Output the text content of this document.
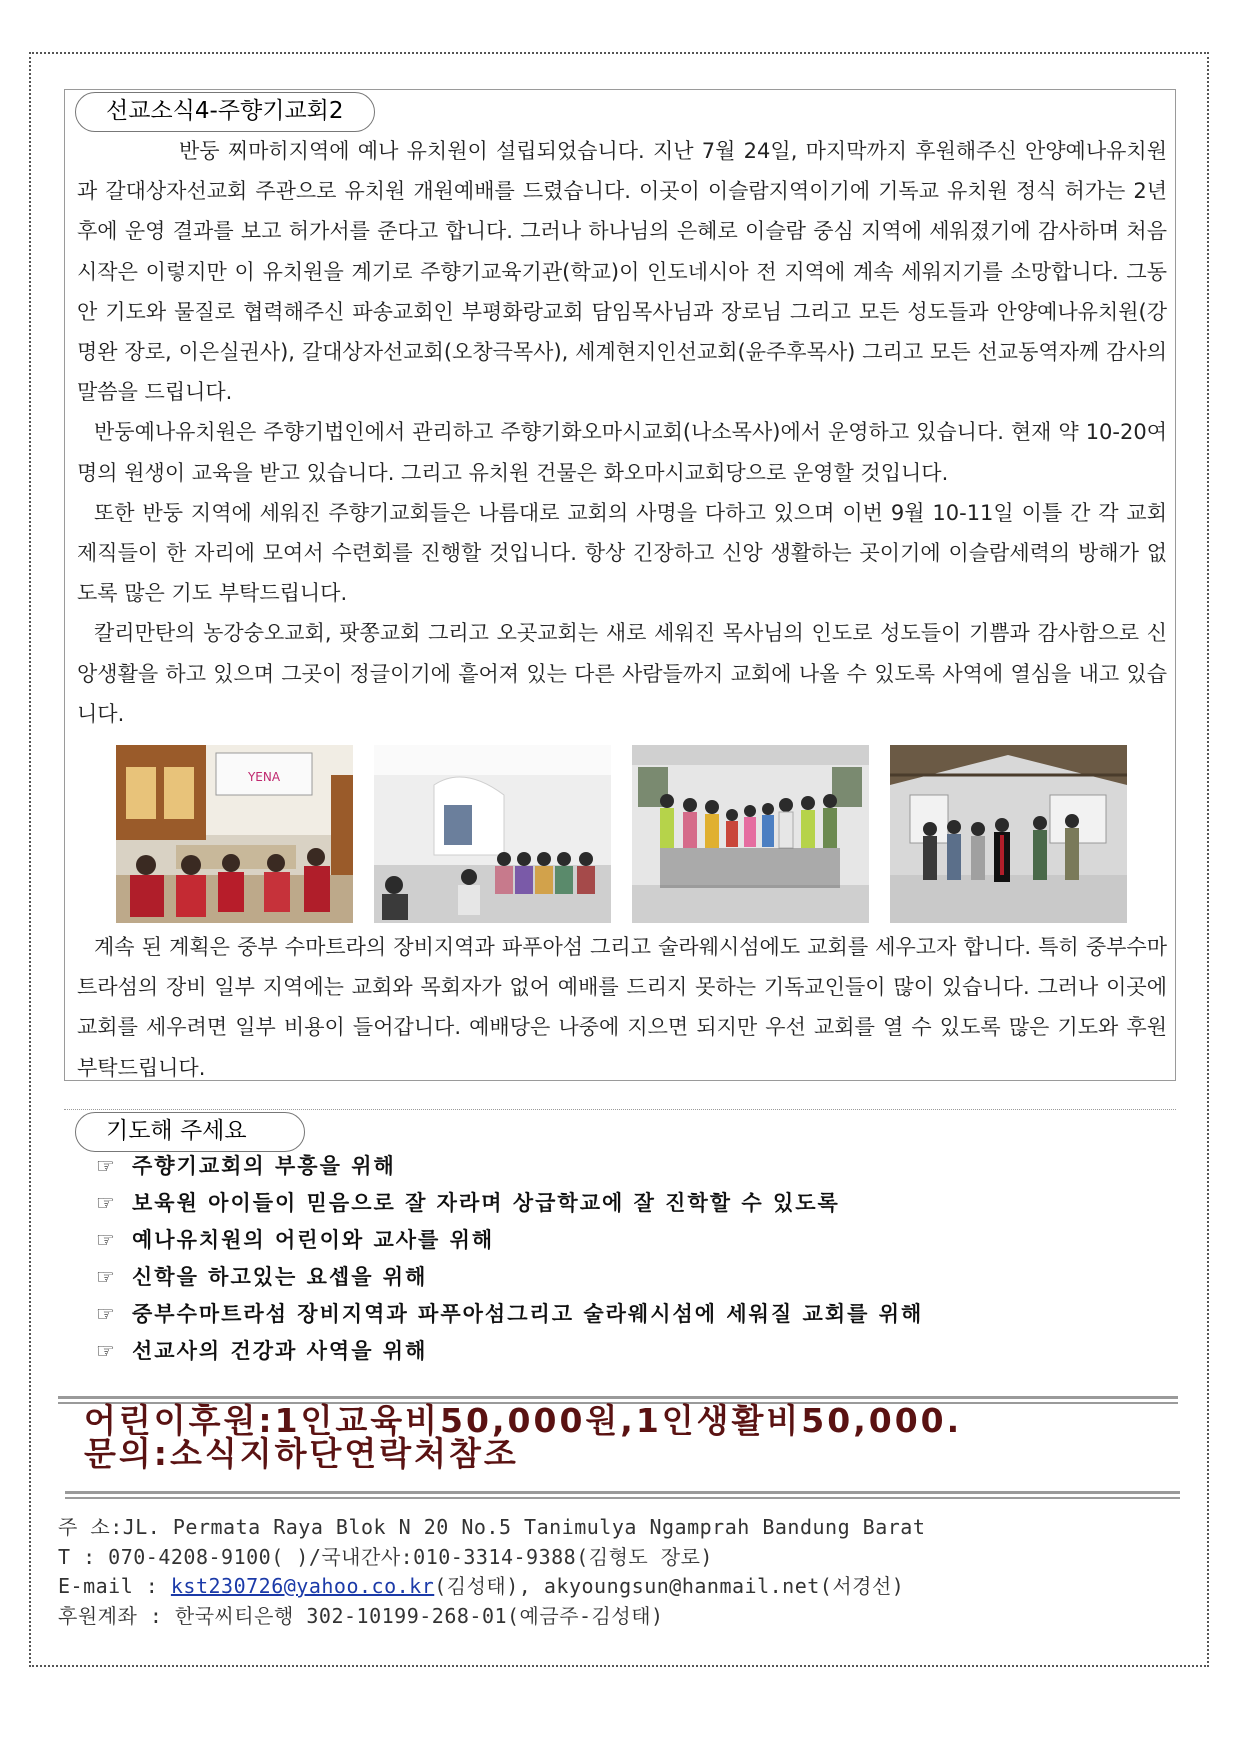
선교소식4-주향기교회2

반둥 찌마히지역에 예나 유치원이 설립되었습니다. 지난 7월 24일, 마지막까지 후원해주신 안양예나유치원과 갈대상자선교회 주관으로 유치원 개원예배를 드렸습니다. 이곳이 이슬람지역이기에 기독교 유치원 정식 허가는 2년 후에 운영 결과를 보고 허가서를 준다고 합니다. 그러나 하나님의 은혜로 이슬람 중심 지역에 세워졌기에 감사하며 처음 시작은 이렇지만 이 유치원을 계기로 주향기교육기관(학교)이 인도네시아 전 지역에 계속 세워지기를 소망합니다. 그동안 기도와 물질로 협력해주신 파송교회인 부평화랑교회 담임목사님과 장로님 그리고 모든 성도들과 안양예나유치원(강명완 장로, 이은실권사), 갈대상자선교회(오창극목사), 세계현지인선교회(윤주후목사) 그리고 모든 선교동역자께 감사의 말씀을 드립니다.

반둥예나유치원은 주향기법인에서 관리하고 주향기화오마시교회(나소목사)에서 운영하고 있습니다. 현재 약 10-20여 명의 원생이 교육을 받고 있습니다. 그리고 유치원 건물은 화오마시교회당으로 운영할 것입니다.

또한 반둥 지역에 세워진 주향기교회들은 나름대로 교회의 사명을 다하고 있으며 이번 9월 10-11일 이틀 간 각 교회 제직들이 한 자리에 모여서 수련회를 진행할 것입니다. 항상 긴장하고 신앙 생활하는 곳이기에 이슬람세력의 방해가 없도록 많은 기도 부탁드립니다.

칼리만탄의 농강숭오교회, 팟쫑교회 그리고 오곳교회는 새로 세워진 목사님의 인도로 성도들이 기쁨과 감사함으로 신앙생활을 하고 있으며 그곳이 정글이기에 흩어져 있는 다른 사람들까지 교회에 나올 수 있도록 사역에 열심을 내고 있습니다.

YENA

계속 된 계획은 중부 수마트라의 장비지역과 파푸아섬 그리고 술라웨시섬에도 교회를 세우고자 합니다. 특히 중부수마트라섬의 장비 일부 지역에는 교회와 목회자가 없어 예배를 드리지 못하는 기독교인들이 많이 있습니다. 그러나 이곳에 교회를 세우려면 일부 비용이 들어갑니다. 예배당은 나중에 지으면 되지만 우선 교회를 열 수 있도록 많은 기도와 후원 부탁드립니다.

기도해 주세요
☞ 주향기교회의 부흥을 위해
☞ 보육원 아이들이 믿음으로 잘 자라며 상급학교에 잘 진학할 수 있도록
☞ 예나유치원의 어린이와 교사를 위해
☞ 신학을 하고있는 요셉을 위해
☞ 중부수마트라섬 장비지역과 파푸아섬그리고 술라웨시섬에 세워질 교회를 위해
☞ 선교사의 건강과 사역을 위해
어린이후원:1인교육비50,000원,1인생활비50,000.
문의:소식지하단연락처참조
주 소:JL. Permata Raya Blok N 20 No.5 Tanimulya Ngamprah Bandung Barat
T : 070-4208-9100( )/국내간사:010-3314-9388(김형도 장로)
E-mail : kst230726@yahoo.co.kr(김성태), akyoungsun@hanmail.net(서경선)
후원계좌 : 한국씨티은행 302-10199-268-01(예금주-김성태)
